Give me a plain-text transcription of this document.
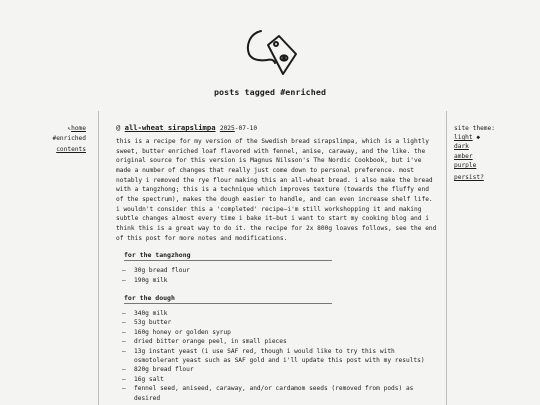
posts tagged #enriched
↖home
#enriched
contents
@ all-wheat sirapslimpa 2025-07-10
this is a recipe for my version of the Swedish bread sirapslimpa, which is a lightly sweet, butter enriched loaf flavored with fennel, anise, caraway, and the like. the original source for this version is Magnus Nilsson's The Nordic Cookbook, but i've made a number of changes that really just come down to personal preference. most notably i removed the rye flour making this an all-wheat bread. i also make the bread with a tangzhong; this is a technique which improves texture (towards the fluffy end of the spectrum), makes the dough easier to handle, and can even increase shelf life. i wouldn't consider this a 'completed' recipe—i'm still workshopping it and making subtle changes almost every time i bake it—but i want to start my cooking blog and i think this is a great way to do it. the recipe for 2x 800g loaves follows, see the end of this post for more notes and modifications.
for the tangzhong
– 30g bread flour
– 190g milk
for the dough
– 340g milk
– 53g butter
– 160g honey or golden syrup
– dried bitter orange peel, in small pieces
– 13g instant yeast (i use SAF red, though i would like to try this with osmotolerant yeast such as SAF gold and i'll update this post with my results)
– 820g bread flour
– 16g salt
– fennel seed, aniseed, caraway, and/or cardamom seeds (removed from pods) as desired
site theme:
light ◆
dark
amber
purple
persist?
